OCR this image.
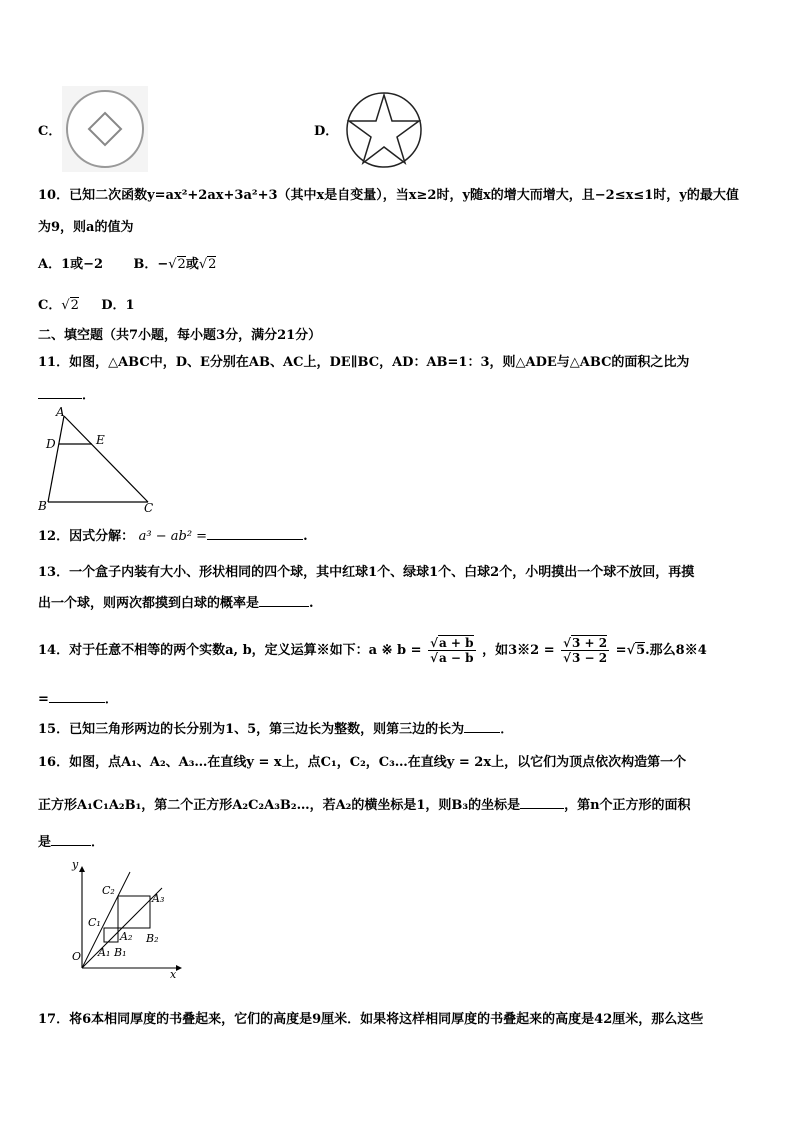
C．	D．
10．已知二次函数y=ax²+2ax+3a²+3（其中x是自变量），当x≥2时，y随x的增大而增大，且−2≤x≤1时，y的最大值
为9，则a的值为
A．1或−2 B．−√2或√2
C．√2 D．1
二、填空题（共7小题，每小题3分，满分21分）
11．如图，△ABC中，D、E分别在AB、AC上，DE∥BC，AD：AB=1：3，则△ADE与△ABC的面积之比为
．
A
D	E
B	C
12．因式分解： a³ − ab² =	.
13．一个盒子内装有大小、形状相同的四个球，其中红球1个、绿球1个、白球2个，小明摸出一个球不放回，再摸
出一个球，则两次都摸到白球的概率是	.
14．对于任意不相等的两个实数a, b，定义运算※如下：a ※ $b = \frac{√a + b}{√a - b}$ ，如3※2 = $\frac{√3 + 2}{√3 - 2} =√5$.那么8※4
=	．
15．已知三角形两边的长分别为1、5，第三边长为整数，则第三边的长为	．
16．如图，点A₁、A₂、A₃…在直线y = x上，点C₁，C₂，C₃…在直线y = 2x上，以它们为顶点依次构造第一个
正方形A₁C₁A₂B₁，第二个正方形A₂C₂A₃B₂…，若A₂的横坐标是1，则B₃的坐标是	，第n个正方形的面积
是	．
y
x
O
C₂
A₃
C₁
A₂ B₂
A₁ B₁
17．将6本相同厚度的书叠起来，它们的高度是9厘米．如果将这样相同厚度的书叠起来的高度是42厘米，那么这些
